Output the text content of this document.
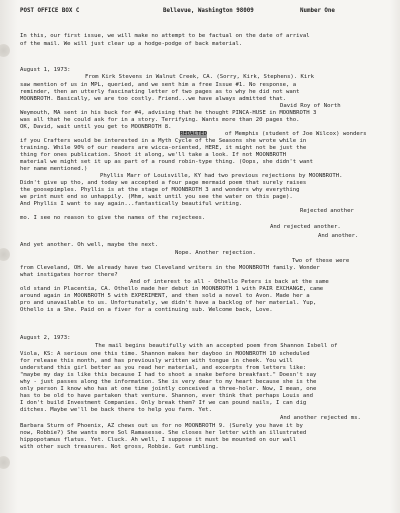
POST OFFICE BOX C	Bellevue, Washington 98009	Number One
In this, our first issue, we will make no attempt to be factual on the date of arrival
of the mail. We will just clear up a hodge-podge of back material.
August 1, 1973:
From Kirk Stevens in Walnut Creek, CA. (Sorry, Kirk, Stephens). Kirk
saw mention of us in MPL, queried, and we sent him a free Issue #1. No response, a
reminder, then an utterly fascinating letter of two pages as to why he did not want
MOONBROTH. Basically, we are too costly. Friend...we have always admitted that.
David Roy of North
Weymouth, MA sent in his buck for #4, advising that he thought PINCA-HUSE in MOONBROTH 3
was all that he could ask for in a story. Terrifying. Wants more than 20 pages tho.
OK, David, wait until you get to MOONBROTH 8.
REDACTED	of Memphis (student of Joe Wilcox) wonders
if you Crafters would be interested in a Myth Cycle of the Seasons she wrote while in
training. While 90% of our readers are wicca-oriented, HERE, it might not be just the
thing for ones publication. Shoot it along, we'll take a look. If not MOONBROTH
material we might set it up as part of a round robin-type thing. (Oops, she didn't want
her name mentioned.)
Phyllis Marr of Louisville, KY had two previous rejections by MOONBROTH.
Didn't give up tho, and today we accepted a four page mermaid poem that surely raises
the goosepimples. Phyllis is at the stage of MOONBROTH 3 and wonders why everything
we print must end so unhappily. (Mhm, wait until you see the water on this page).
And Phyllis I want to say again...fantastically beautiful writing.
Rejected another
mo. I see no reason to give the names of the rejectees.
And rejected another.
And another.
And yet another. Oh well, maybe the next.
Nope. Another rejection.
Two of these were
from Cleveland, OH. We already have two Cleveland writers in the MOONBROTH family. Wonder
what instigates horror there?
And of interest to all - Othello Peters is back at the same
old stand in Placentia, CA. Othello made her debut in MOONBROTH 1 with PAIR EXCHANGE, came
around again in MOONBROTH 5 with EXPERIMENT, and then sold a novel to Avon. Made her a
pro and unavailable to us. Unfortunately, we didn't have a backlog of her material. Yup,
Othello is a She. Paid on a fiver for a continuing sub. Welcome back, Love.
August 2, 1973:
The mail begins beautifully with an accepted poem from Shannon Isbell of
Viola, KS: A serious one this time. Shannon makes her dayboo in MOONBROTH 10 scheduled
for release this month, and has previously written with tongue in cheek. You will
understand this girl better as you read her material, and excerpts from letters like:
"maybe my day is like this because I had to shoot a snake before breakfast." Doesn't say
why - just passes along the information. She is very dear to my heart because she is the
only person I know who has at one time jointly conceived a three-holer. Now, I mean, one
has to be old to have partaken that venture. Shannon, ever think that perhaps Louis and
I don't build Investment Companies. Only break them? If we can pound nails, I can dig
ditches. Maybe we'll be back there to help you farm. Yet.
And another rejected ms.
Barbara Sturm of Phoenix, AZ chews out us for no MOONBROTH 9. (Surely you have it by
now, Robbie?) She wants more Sol Ramasesse. She closes her letter with an illustrated
hippopotamus flatus. Yet. Cluck. Ah well, I suppose it must be mounted on our wall
with other such treasures. Not gross, Robbie. Gut rumbling.
